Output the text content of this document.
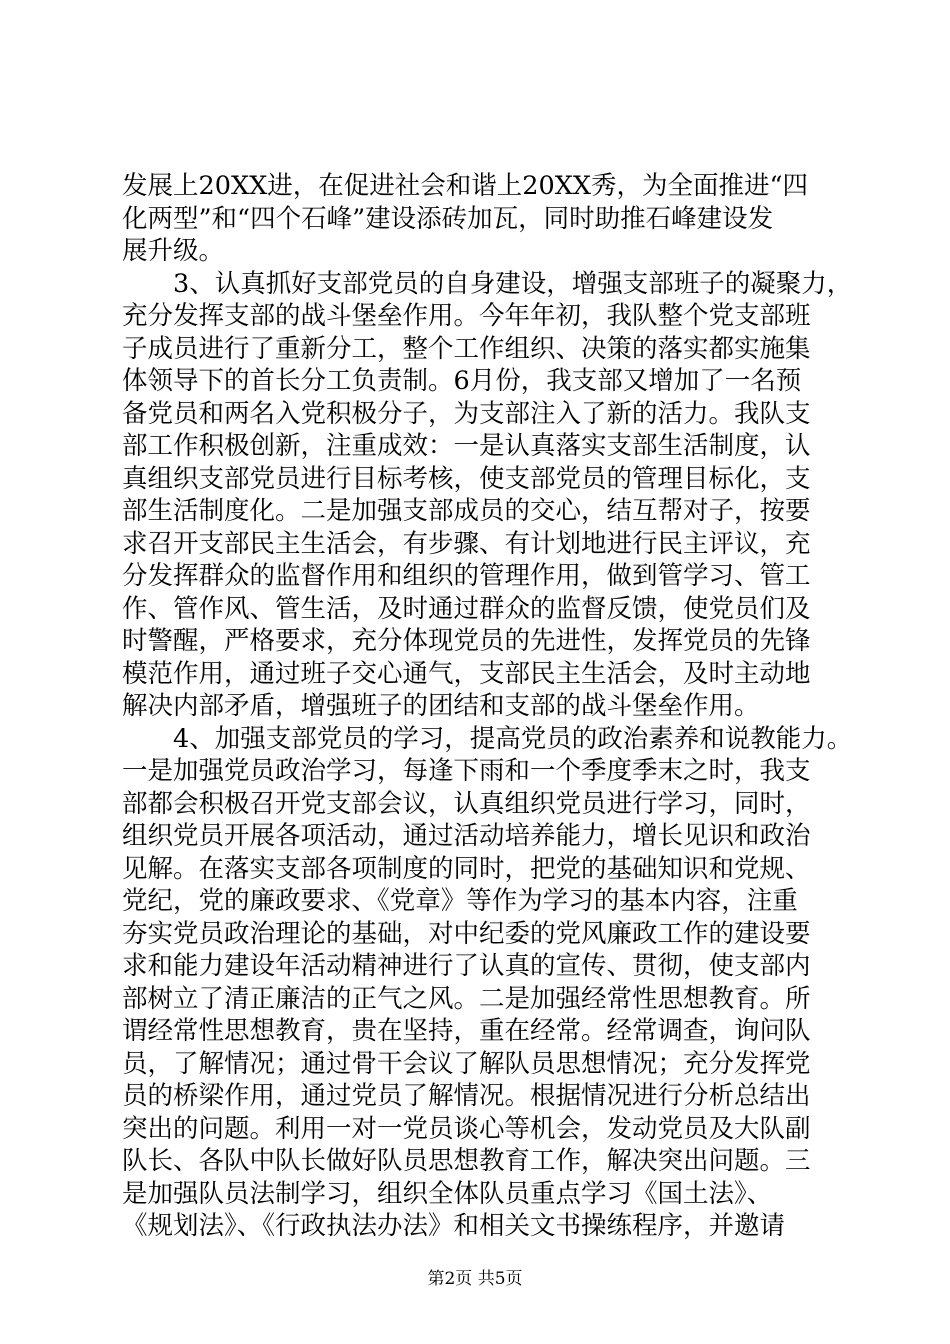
发展上20XX进，在促进社会和谐上20XX秀，为全面推进“四
化两型”和“四个石峰”建设添砖加瓦，同时助推石峰建设发
展升级。
3、认真抓好支部党员的自身建设，增强支部班子的凝聚力，
充分发挥支部的战斗堡垒作用。今年年初，我队整个党支部班
子成员进行了重新分工，整个工作组织、决策的落实都实施集
体领导下的首长分工负责制。6月份，我支部又增加了一名预
备党员和两名入党积极分子，为支部注入了新的活力。我队支
部工作积极创新，注重成效：一是认真落实支部生活制度，认
真组织支部党员进行目标考核，使支部党员的管理目标化，支
部生活制度化。二是加强支部成员的交心，结互帮对子，按要
求召开支部民主生活会，有步骤、有计划地进行民主评议，充
分发挥群众的监督作用和组织的管理作用，做到管学习、管工
作、管作风、管生活，及时通过群众的监督反馈，使党员们及
时警醒，严格要求，充分体现党员的先进性，发挥党员的先锋
模范作用，通过班子交心通气，支部民主生活会，及时主动地
解决内部矛盾，增强班子的团结和支部的战斗堡垒作用。
4、加强支部党员的学习，提高党员的政治素养和说教能力。
一是加强党员政治学习，每逢下雨和一个季度季末之时，我支
部都会积极召开党支部会议，认真组织党员进行学习，同时，
组织党员开展各项活动，通过活动培养能力，增长见识和政治
见解。在落实支部各项制度的同时，把党的基础知识和党规、
党纪，党的廉政要求、《党章》等作为学习的基本内容，注重
夯实党员政治理论的基础，对中纪委的党风廉政工作的建设要
求和能力建设年活动精神进行了认真的宣传、贯彻，使支部内
部树立了清正廉洁的正气之风。二是加强经常性思想教育。所
谓经常性思想教育，贵在坚持，重在经常。经常调查，询问队
员，了解情况；通过骨干会议了解队员思想情况；充分发挥党
员的桥梁作用，通过党员了解情况。根据情况进行分析总结出
突出的问题。利用一对一党员谈心等机会，发动党员及大队副
队长、各队中队长做好队员思想教育工作，解决突出问题。三
是加强队员法制学习，组织全体队员重点学习《国土法》、
《规划法》、《行政执法办法》和相关文书操练程序，并邀请
第2页 共5页
